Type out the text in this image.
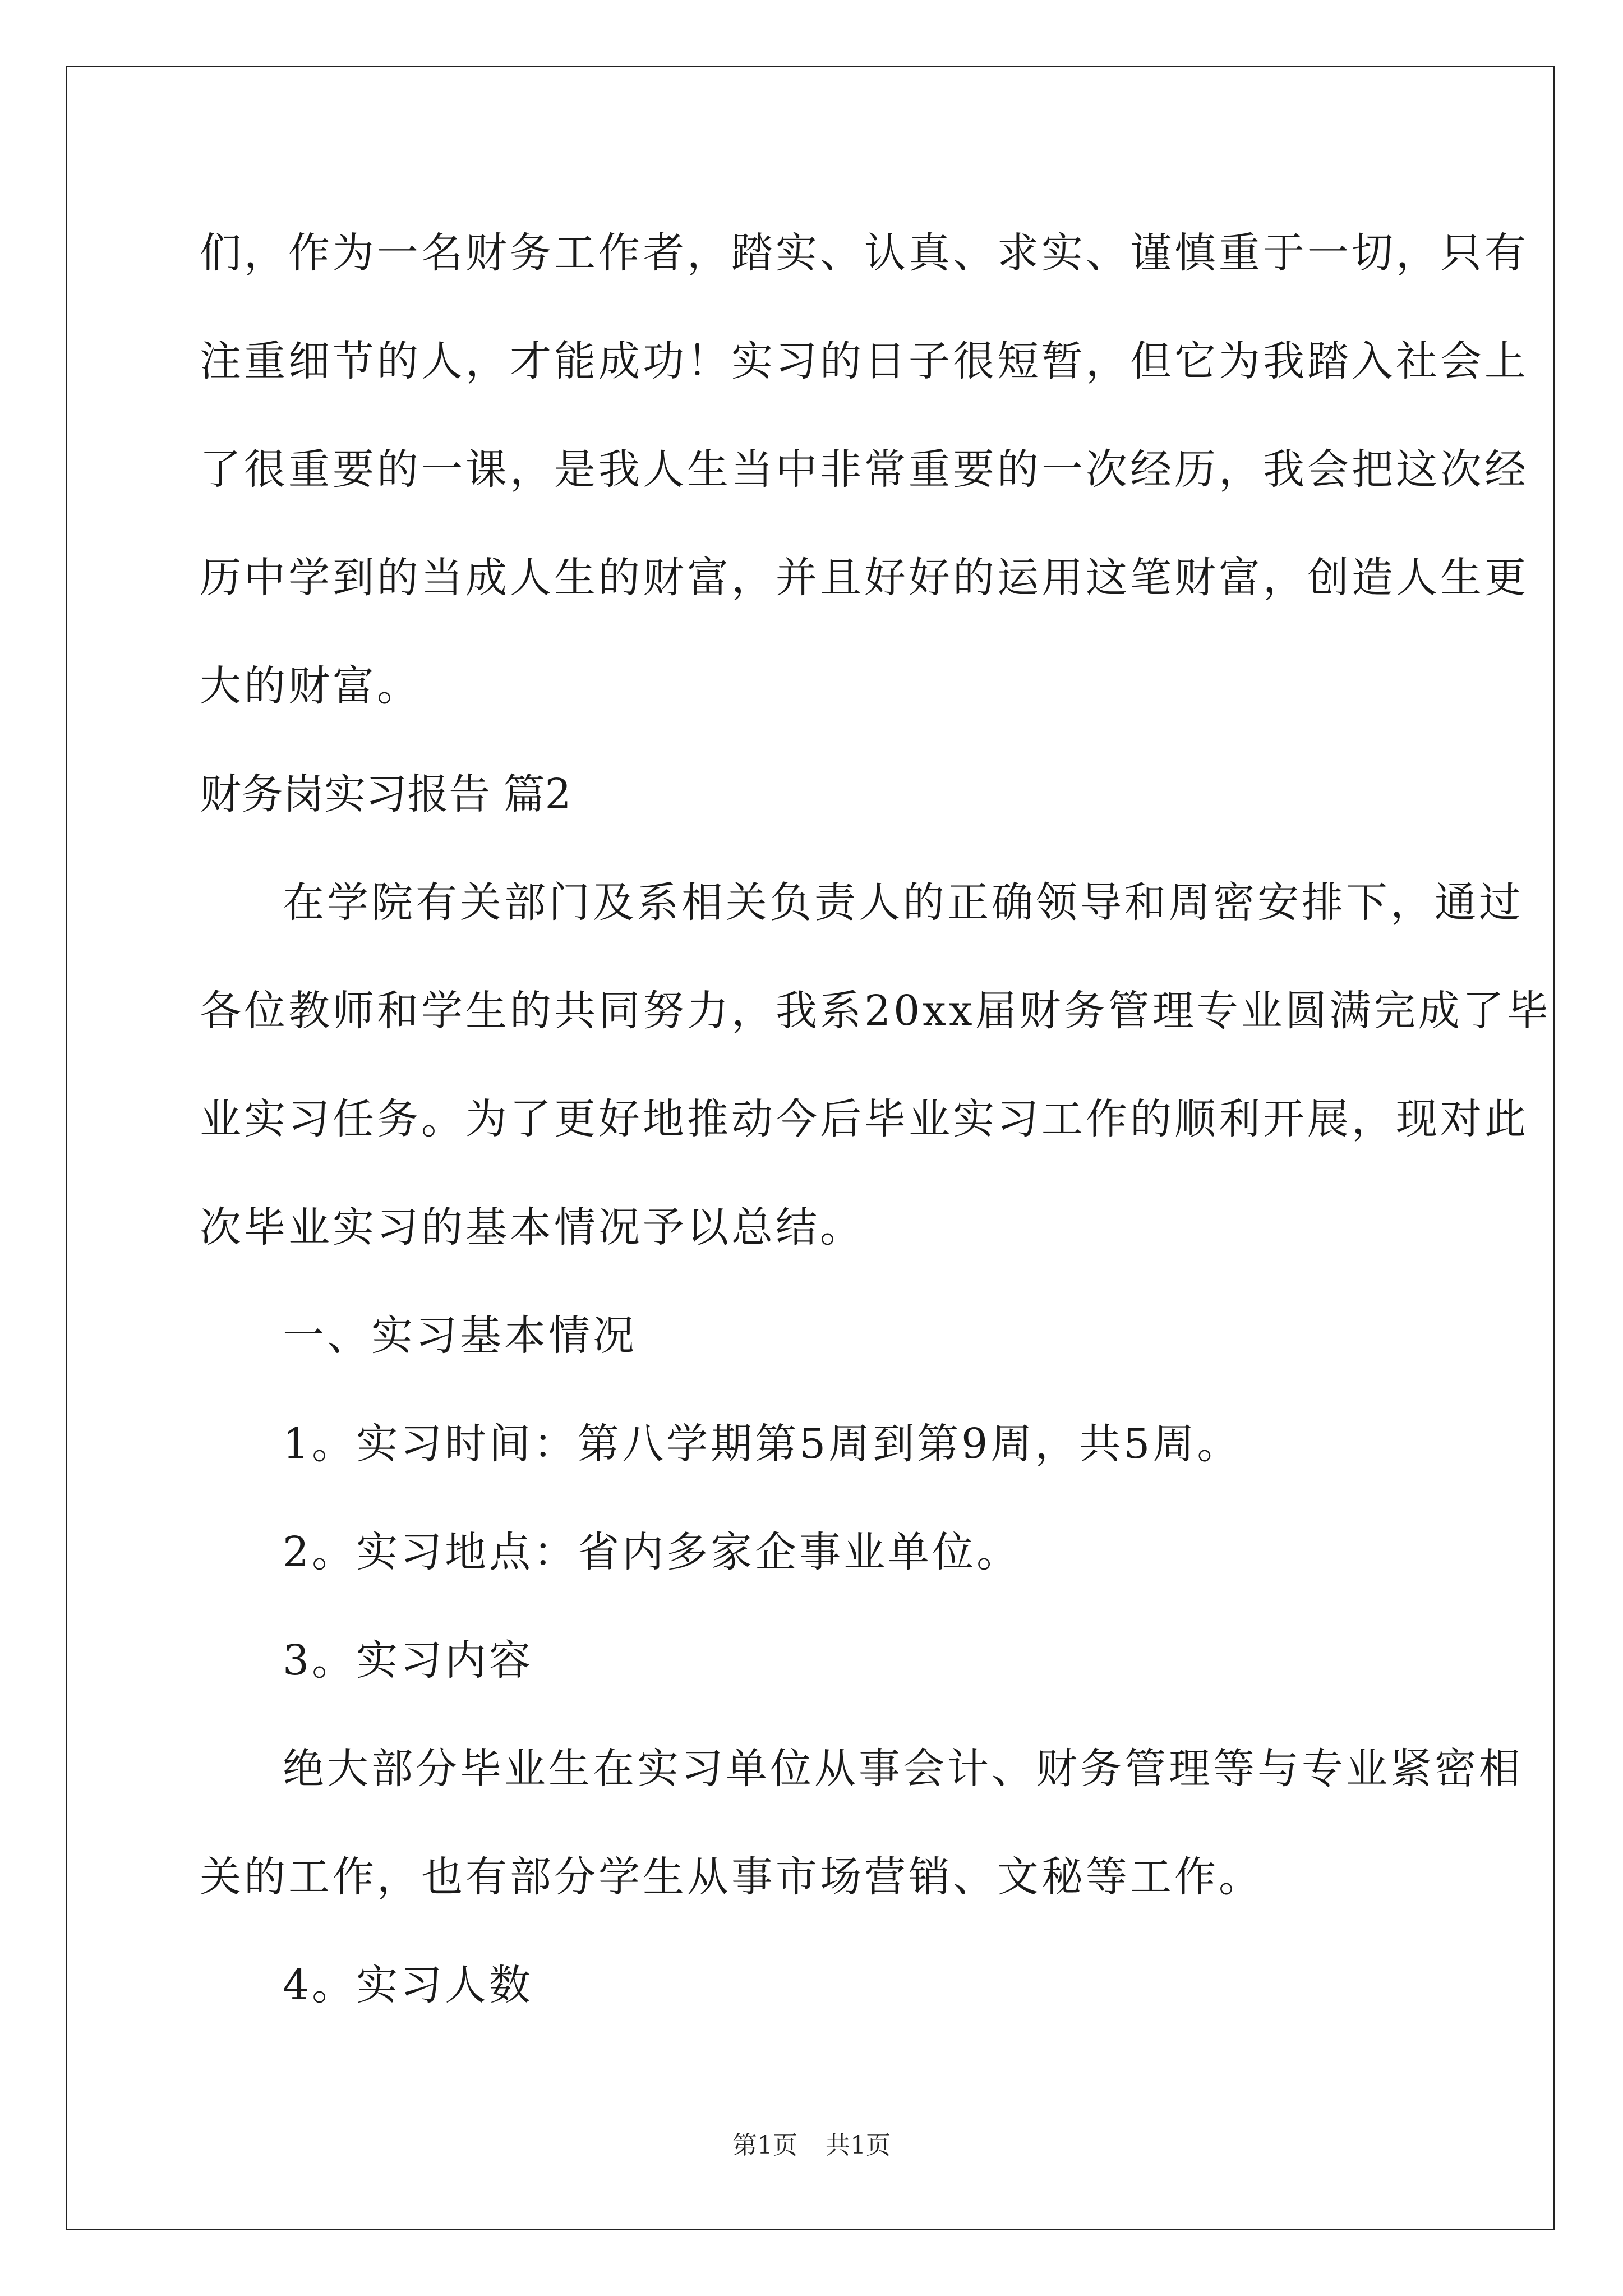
们，作为一名财务工作者，踏实、认真、求实、谨慎重于一切，只有
注重细节的人，才能成功！实习的日子很短暂，但它为我踏入社会上
了很重要的一课，是我人生当中非常重要的一次经历，我会把这次经
历中学到的当成人生的财富，并且好好的运用这笔财富，创造人生更
大的财富。
财务岗实习报告 篇2
在学院有关部门及系相关负责人的正确领导和周密安排下，通过
各位教师和学生的共同努力，我系20xx届财务管理专业圆满完成了毕
业实习任务。为了更好地推动今后毕业实习工作的顺利开展，现对此
次毕业实习的基本情况予以总结。
一、实习基本情况
1。实习时间：第八学期第5周到第9周，共5周。
2。实习地点：省内多家企事业单位。
3。实习内容
绝大部分毕业生在实习单位从事会计、财务管理等与专业紧密相
关的工作，也有部分学生从事市场营销、文秘等工作。
4。实习人数
第1页 共1页
